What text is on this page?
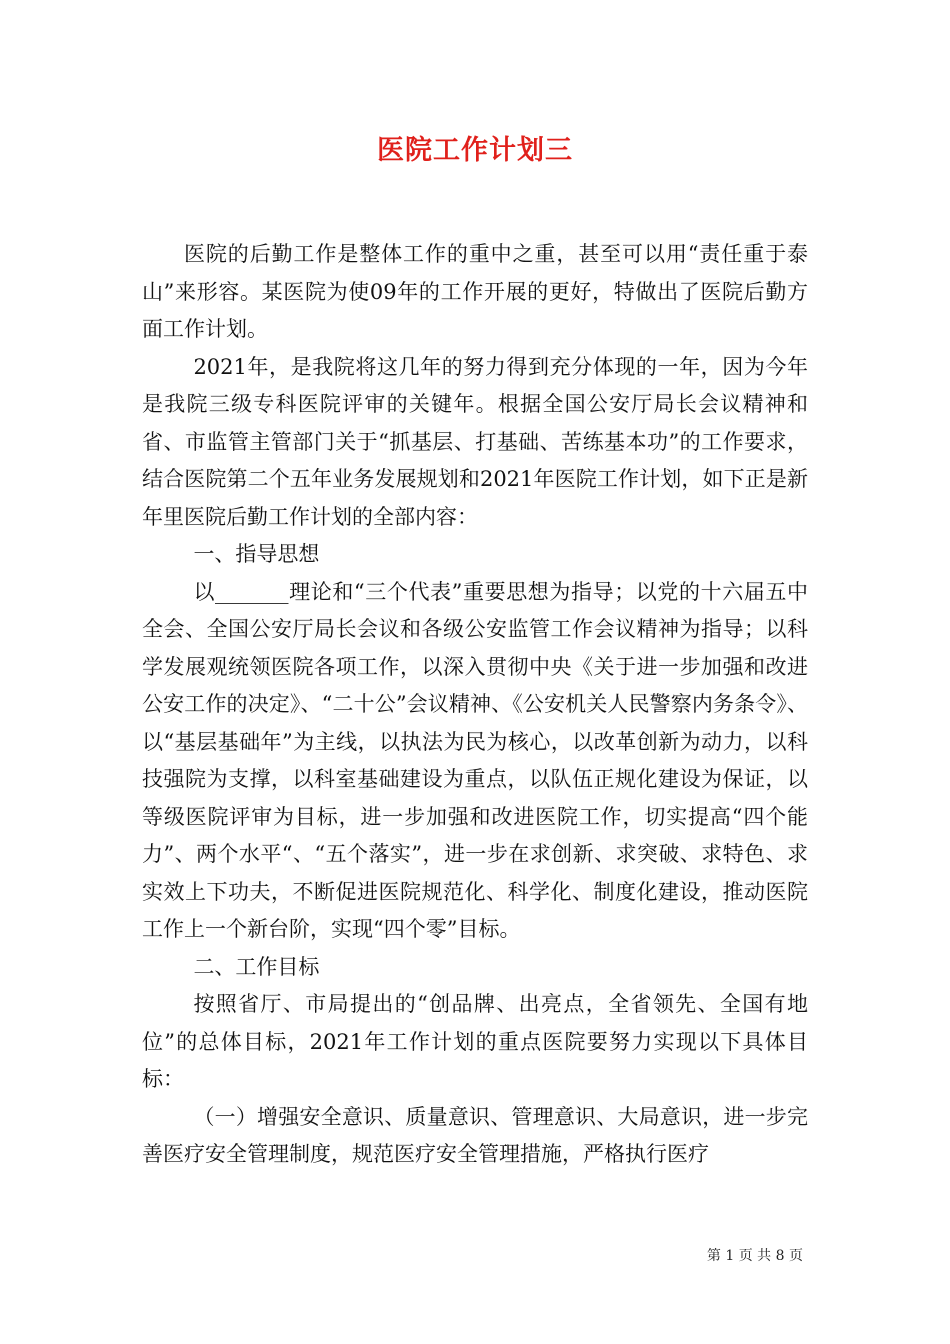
医院工作计划三

医院的后勤工作是整体工作的重中之重，甚至可以用“责任重于泰山”来形容。某医院为使09年的工作开展的更好，特做出了医院后勤方面工作计划。

2021年，是我院将这几年的努力得到充分体现的一年，因为今年是我院三级专科医院评审的关键年。根据全国公安厅局长会议精神和省、市监管主管部门关于“抓基层、打基础、苦练基本功”的工作要求，结合医院第二个五年业务发展规划和2021年医院工作计划，如下正是新年里医院后勤工作计划的全部内容：

一、指导思想

以_______理论和“三个代表”重要思想为指导；以党的十六届五中全会、全国公安厅局长会议和各级公安监管工作会议精神为指导；以科学发展观统领医院各项工作，以深入贯彻中央《关于进一步加强和改进公安工作的决定》、“二十公”会议精神、《公安机关人民警察内务条令》、以“基层基础年”为主线，以执法为民为核心，以改革创新为动力，以科技强院为支撑，以科室基础建设为重点，以队伍正规化建设为保证，以等级医院评审为目标，进一步加强和改进医院工作，切实提高“四个能力”、两个水平“、“五个落实”，进一步在求创新、求突破、求特色、求实效上下功夫，不断促进医院规范化、科学化、制度化建设，推动医院工作上一个新台阶，实现“四个零”目标。

二、工作目标

按照省厅、市局提出的“创品牌、出亮点，全省领先、全国有地位”的总体目标，2021年工作计划的重点医院要努力实现以下具体目标：

（一）增强安全意识、质量意识、管理意识、大局意识，进一步完善医疗安全管理制度，规范医疗安全管理措施，严格执行医疗

第 1 页 共 8 页
